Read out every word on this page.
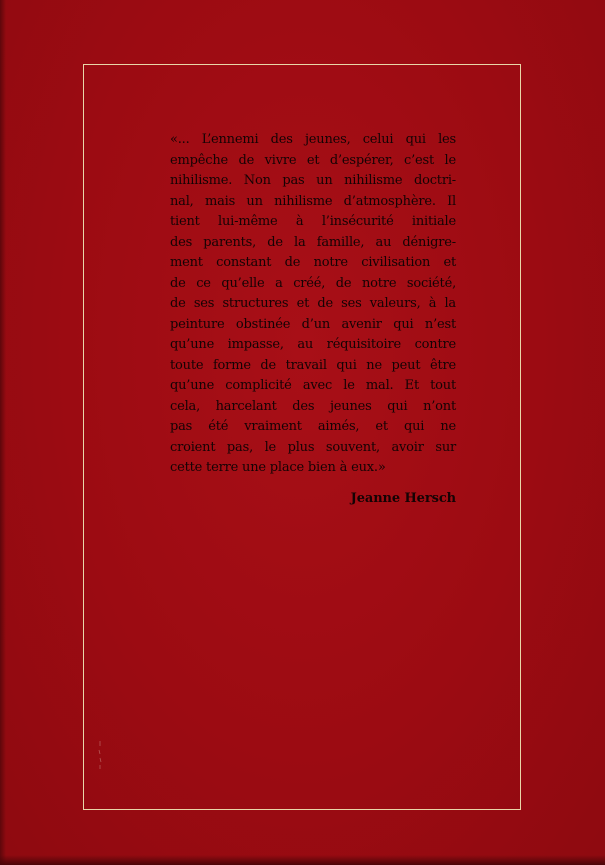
«... L’ennemi des jeunes, celui qui les
empêche de vivre et d’espérer, c’est le
nihilisme. Non pas un nihilisme doctri-
nal, mais un nihilisme d’atmosphère. Il
tient lui-même à l’insécurité initiale
des parents, de la famille, au dénigre-
ment constant de notre civilisation et
de ce qu’elle a créé, de notre société,
de ses structures et de ses valeurs, à la
peinture obstinée d’un avenir qui n’est
qu’une impasse, au réquisitoire contre
toute forme de travail qui ne peut être
qu’une complicité avec le mal. Et tout
cela, harcelant des jeunes qui n’ont
pas été vraiment aimés, et qui ne
croient pas, le plus souvent, avoir sur
cette terre une place bien à eux.»

Jeanne Hersch
